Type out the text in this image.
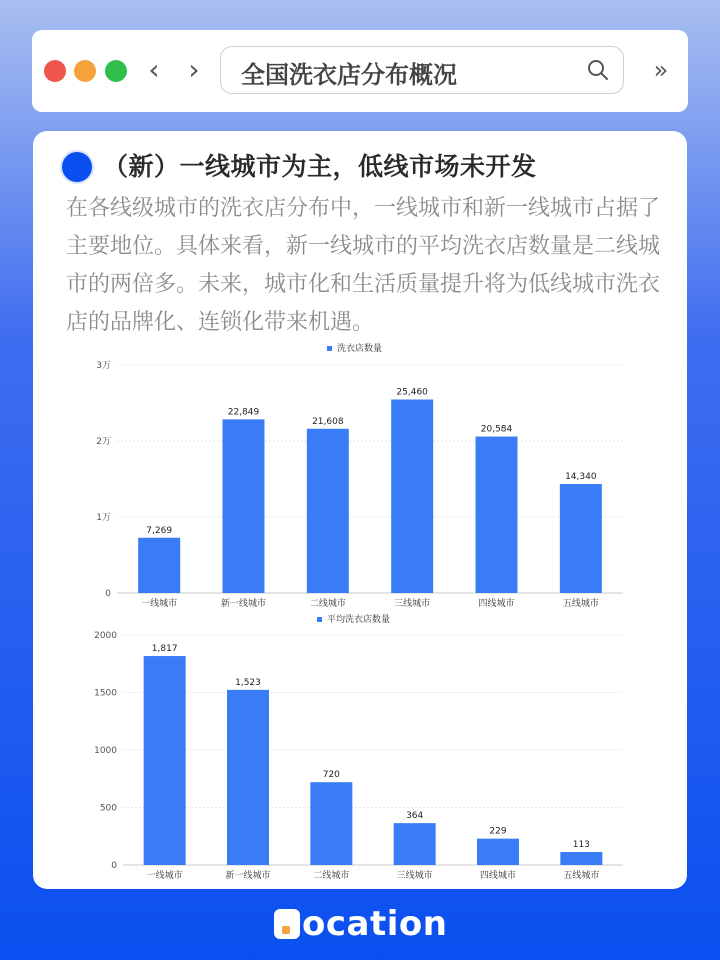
‹ › 全国洗衣店分布概况	»
（新）一线城市为主，低线市场未开发
在各线级城市的洗衣店分布中，一线城市和新一线城市占据了主要地位。具体来看，新一线城市的平均洗衣店数量是二线城市的两倍多。未来，城市化和生活质量提升将为低线城市洗衣店的品牌化、连锁化带来机遇。
洗衣店数量
0
1万
2万
3万
7,269
一线城市
22,849
新一线城市
21,608
二线城市
25,460
三线城市
20,584
四线城市
14,340
五线城市
平均洗衣店数量
0
500
1000
1500
2000
1,817
一线城市
1,523
新一线城市
720
二线城市
364
三线城市
229
四线城市
113
五线城市
ocation
